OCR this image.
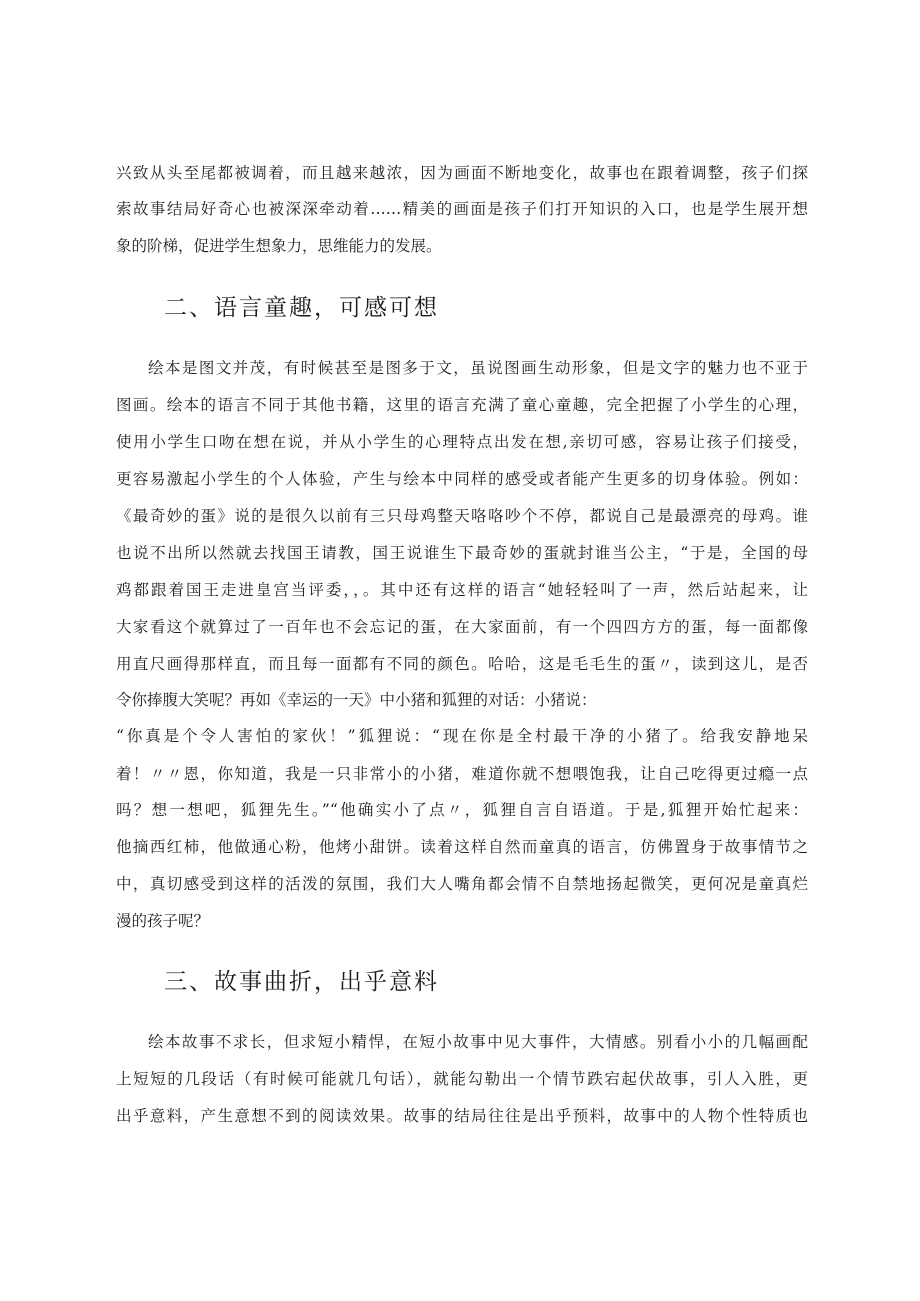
兴致从头至尾都被调着，而且越来越浓，因为画面不断地变化，故事也在跟着调整，孩子们探
索故事结局好奇心也被深深牵动着……精美的画面是孩子们打开知识的入口，也是学生展开想
象的阶梯，促进学生想象力，思维能力的发展。
二、语言童趣，可感可想
绘本是图文并茂，有时候甚至是图多于文，虽说图画生动形象，但是文字的魅力也不亚于
图画。绘本的语言不同于其他书籍，这里的语言充满了童心童趣，完全把握了小学生的心理，
使用小学生口吻在想在说，并从小学生的心理特点出发在想,亲切可感，容易让孩子们接受，
更容易激起小学生的个人体验，产生与绘本中同样的感受或者能产生更多的切身体验。例如：
《最奇妙的蛋》说的是很久以前有三只母鸡整天咯咯吵个不停，都说自己是最漂亮的母鸡。谁
也说不出所以然就去找国王请教，国王说谁生下最奇妙的蛋就封谁当公主，“于是，全国的母
鸡都跟着国王走进皇宫当评委，，。其中还有这样的语言“她轻轻叫了一声，然后站起来，让
大家看这个就算过了一百年也不会忘记的蛋，在大家面前，有一个四四方方的蛋，每一面都像
用直尺画得那样直，而且每一面都有不同的颜色。哈哈，这是毛毛生的蛋〃，读到这儿，是否
令你捧腹大笑呢？再如《幸运的一天》中小猪和狐狸的对话：小猪说：
“你真是个令人害怕的家伙！”狐狸说：“现在你是全村最干净的小猪了。给我安静地呆
着！〃〃恩，你知道，我是一只非常小的小猪，难道你就不想喂饱我，让自己吃得更过瘾一点
吗？想一想吧，狐狸先生。”“他确实小了点〃，狐狸自言自语道。于是,狐狸开始忙起来：
他摘西红柿，他做通心粉，他烤小甜饼。读着这样自然而童真的语言，仿佛置身于故事情节之
中，真切感受到这样的活泼的氛围，我们大人嘴角都会情不自禁地扬起微笑，更何况是童真烂
漫的孩子呢？
三、故事曲折，出乎意料
绘本故事不求长，但求短小精悍，在短小故事中见大事件，大情感。别看小小的几幅画配
上短短的几段话（有时候可能就几句话），就能勾勒出一个情节跌宕起伏故事，引人入胜，更
出乎意料，产生意想不到的阅读效果。故事的结局往往是出乎预料，故事中的人物个性特质也
